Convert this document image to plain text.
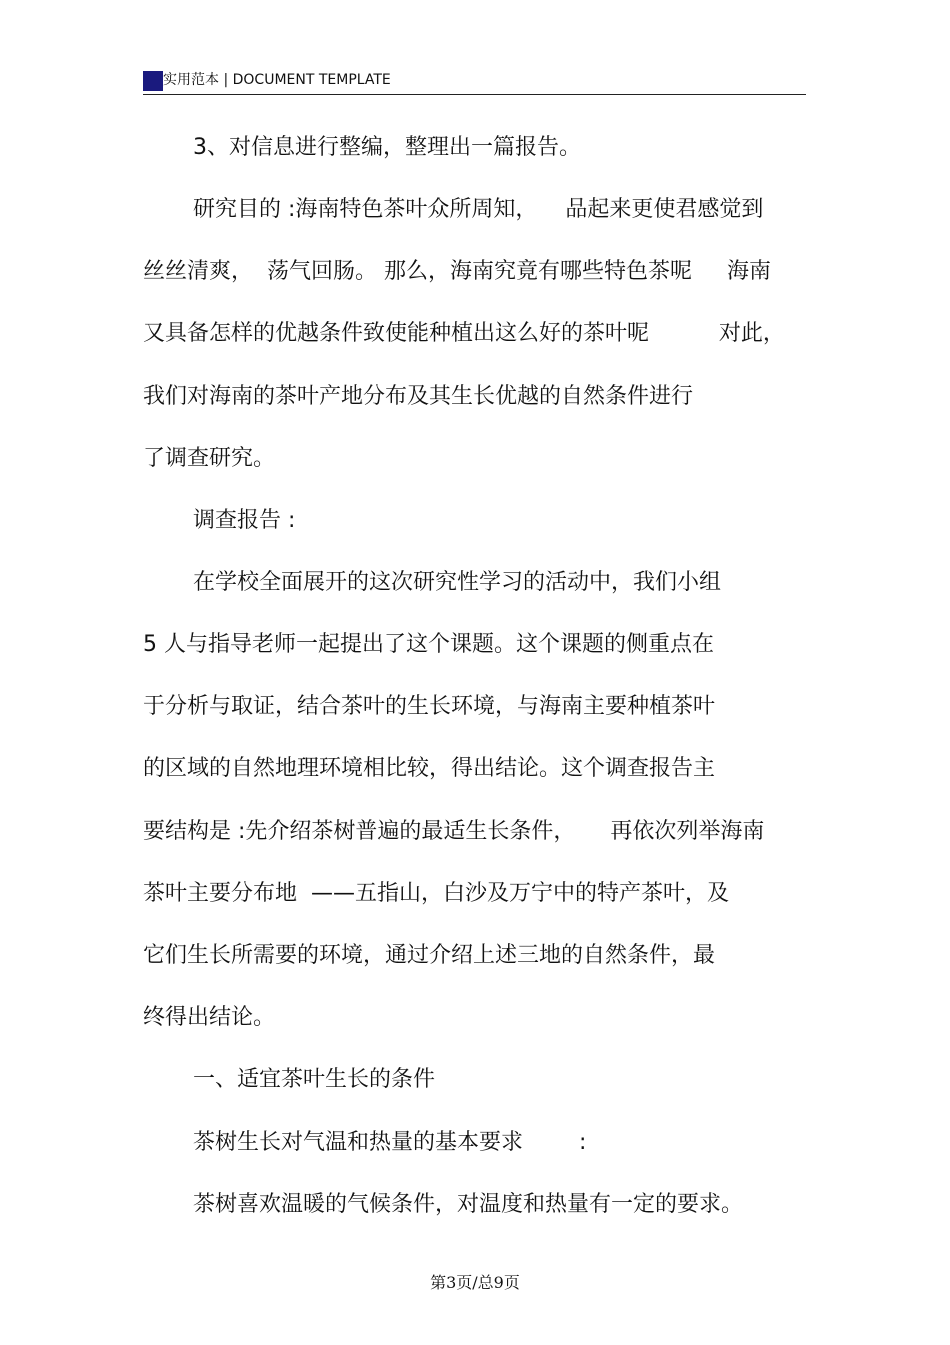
实用范本 | DOCUMENT TEMPLATE
3、对信息进行整编，整理出一篇报告。
研究目的 :海南特色茶叶众所周知，    品起来更使君感觉到
丝丝清爽，  荡气回肠。 那么，海南究竟有哪些特色茶呢     海南
又具备怎样的优越条件致使能种植出这么好的茶叶呢          对此，
我们对海南的茶叶产地分布及其生长优越的自然条件进行
了调查研究。
调查报告 :
在学校全面展开的这次研究性学习的活动中，我们小组
5 人与指导老师一起提出了这个课题。这个课题的侧重点在
于分析与取证，结合茶叶的生长环境，与海南主要种植茶叶
的区域的自然地理环境相比较，得出结论。这个调查报告主
要结构是 :先介绍茶树普遍的最适生长条件，     再依次列举海南
茶叶主要分布地  ——五指山，白沙及万宁中的特产茶叶，及
它们生长所需要的环境，通过介绍上述三地的自然条件，最
终得出结论。
一、适宜茶叶生长的条件
茶树生长对气温和热量的基本要求        :
茶树喜欢温暖的气候条件，对温度和热量有一定的要求。
第3页/总9页
